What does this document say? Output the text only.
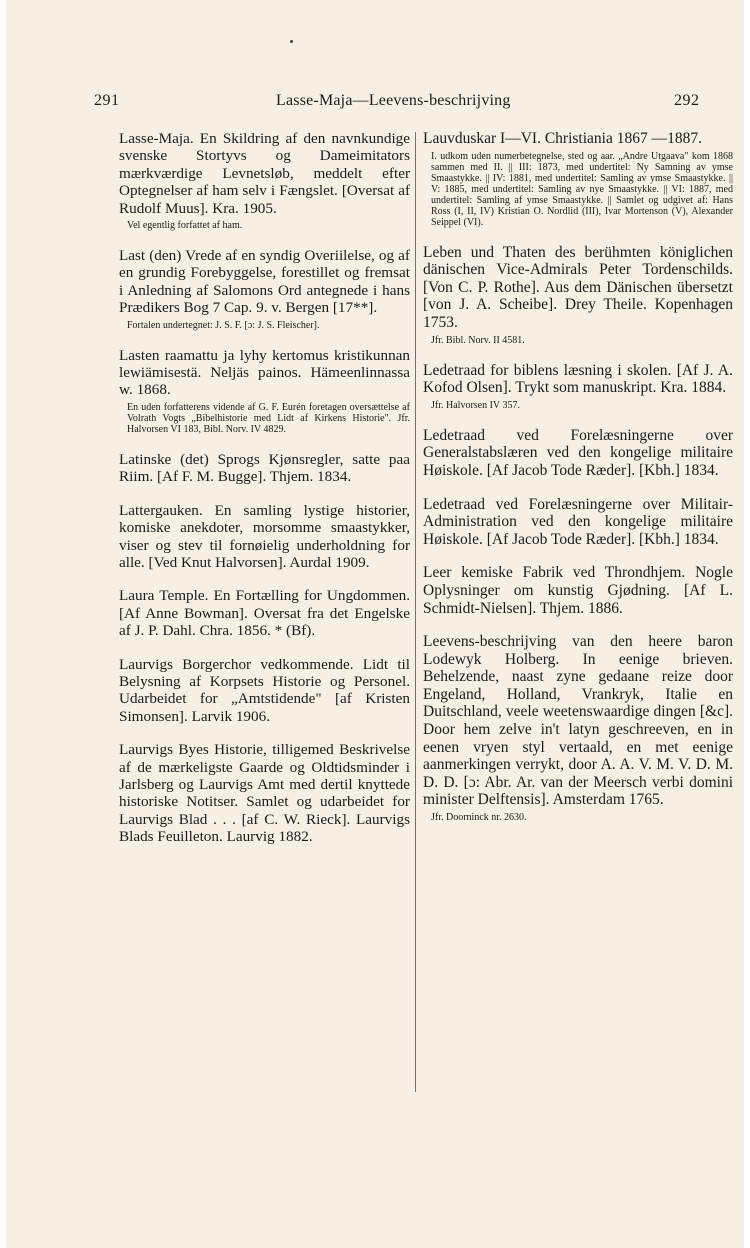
291	Lasse-Maja—Leevens-beschrijving	292
Lasse-Maja. En Skildring af den navnkundige svenske Stortyvs og Dameimitators mærkværdige Levnetsløb, meddelt efter Optegnelser af ham selv i Fængslet. [Oversat af Rudolf Muus]. Kra. 1905.
Vel egentlig forfattet af ham.
Last (den) Vrede af en syndig Overiilelse, og af en grundig Forebyggelse, forestillet og fremsat i Anledning af Salomons Ord antegnede i hans Prædikers Bog 7 Cap. 9. v. Bergen [17**].
Fortalen undertegnet: J. S. F. [ɔ: J. S. Fleischer].
Lasten raamattu ja lyhy kertomus kristikunnan lewiämisestä. Neljäs painos. Hämeenlinnassa w. 1868.
En uden forfatterens vidende af G. F. Eurén foretagen oversættelse af Volrath Vogts „Bibelhistorie med Lidt af Kirkens Historie". Jfr. Halvorsen VI 183, Bibl. Norv. IV 4829.
Latinske (det) Sprogs Kjønsregler, satte paa Riim. [Af F. M. Bugge]. Thjem. 1834.
Lattergauken. En samling lystige historier, komiske anekdoter, morsomme smaastykker, viser og stev til fornøielig underholdning for alle. [Ved Knut Halvorsen]. Aurdal 1909.
Laura Temple. En Fortælling for Ungdommen. [Af Anne Bowman]. Oversat fra det Engelske af J. P. Dahl. Chra. 1856. * (Bf).
Laurvigs Borgerchor vedkommende. Lidt til Belysning af Korpsets Historie og Personel. Udarbeidet for „Amtstidende" [af Kristen Simonsen]. Larvik 1906.
Laurvigs Byes Historie, tilligemed Beskrivelse af de mærkeligste Gaarde og Oldtidsminder i Jarlsberg og Laurvigs Amt med dertil knyttede historiske Notitser. Samlet og udarbeidet for Laurvigs Blad . . . [af C. W. Rieck]. Laurvigs Blads Feuilleton. Laurvig 1882.
Lauvduskar I—VI. Christiania 1867 —1887.
I. udkom uden numerbetegnelse, sted og aar. „Andre Utgaava" kom 1868 sammen med II. || III: 1873, med undertitel: Ny Samning av ymse Smaastykke. || IV: 1881, med undertitel: Samling av ymse Smaastykke. || V: 1885, med undertitel: Samling av nye Smaastykke. || VI: 1887, med undertitel: Samling af ymse Smaastykke. || Samlet og udgivet af: Hans Ross (I, II, IV) Kristian O. Nordlid (III), Ivar Mortenson (V), Alexander Seippel (VI).
Leben und Thaten des berühmten königlichen dänischen Vice-Admirals Peter Tordenschilds. [Von C. P. Rothe]. Aus dem Dänischen übersetzt [von J. A. Scheibe]. Drey Theile. Kopenhagen 1753.
Jfr. Bibl. Norv. II 4581.
Ledetraad for biblens læsning i skolen. [Af J. A. Kofod Olsen]. Trykt som manuskript. Kra. 1884.
Jfr. Halvorsen IV 357.
Ledetraad ved Forelæsningerne over Generalstabslæren ved den kongelige militaire Høiskole. [Af Jacob Tode Ræder]. [Kbh.] 1834.
Ledetraad ved Forelæsningerne over Militair-Administration ved den kongelige militaire Høiskole. [Af Jacob Tode Ræder]. [Kbh.] 1834.
Leer kemiske Fabrik ved Throndhjem. Nogle Oplysninger om kunstig Gjødning. [Af L. Schmidt-Nielsen]. Thjem. 1886.
Leevens-beschrijving van den heere baron Lodewyk Holberg. In eenige brieven. Behelzende, naast zyne gedaane reize door Engeland, Holland, Vrankryk, Italie en Duitschland, veele weetenswaardige dingen [&c]. Door hem zelve in't latyn geschreeven, en in eenen vryen styl vertaald, en met eenige aanmerkingen verrykt, door A. A. V. M. V. D. M. D. D. [ɔ: Abr. Ar. van der Meersch verbi domini minister Delftensis]. Amsterdam 1765.
Jfr. Doorninck nr. 2630.
